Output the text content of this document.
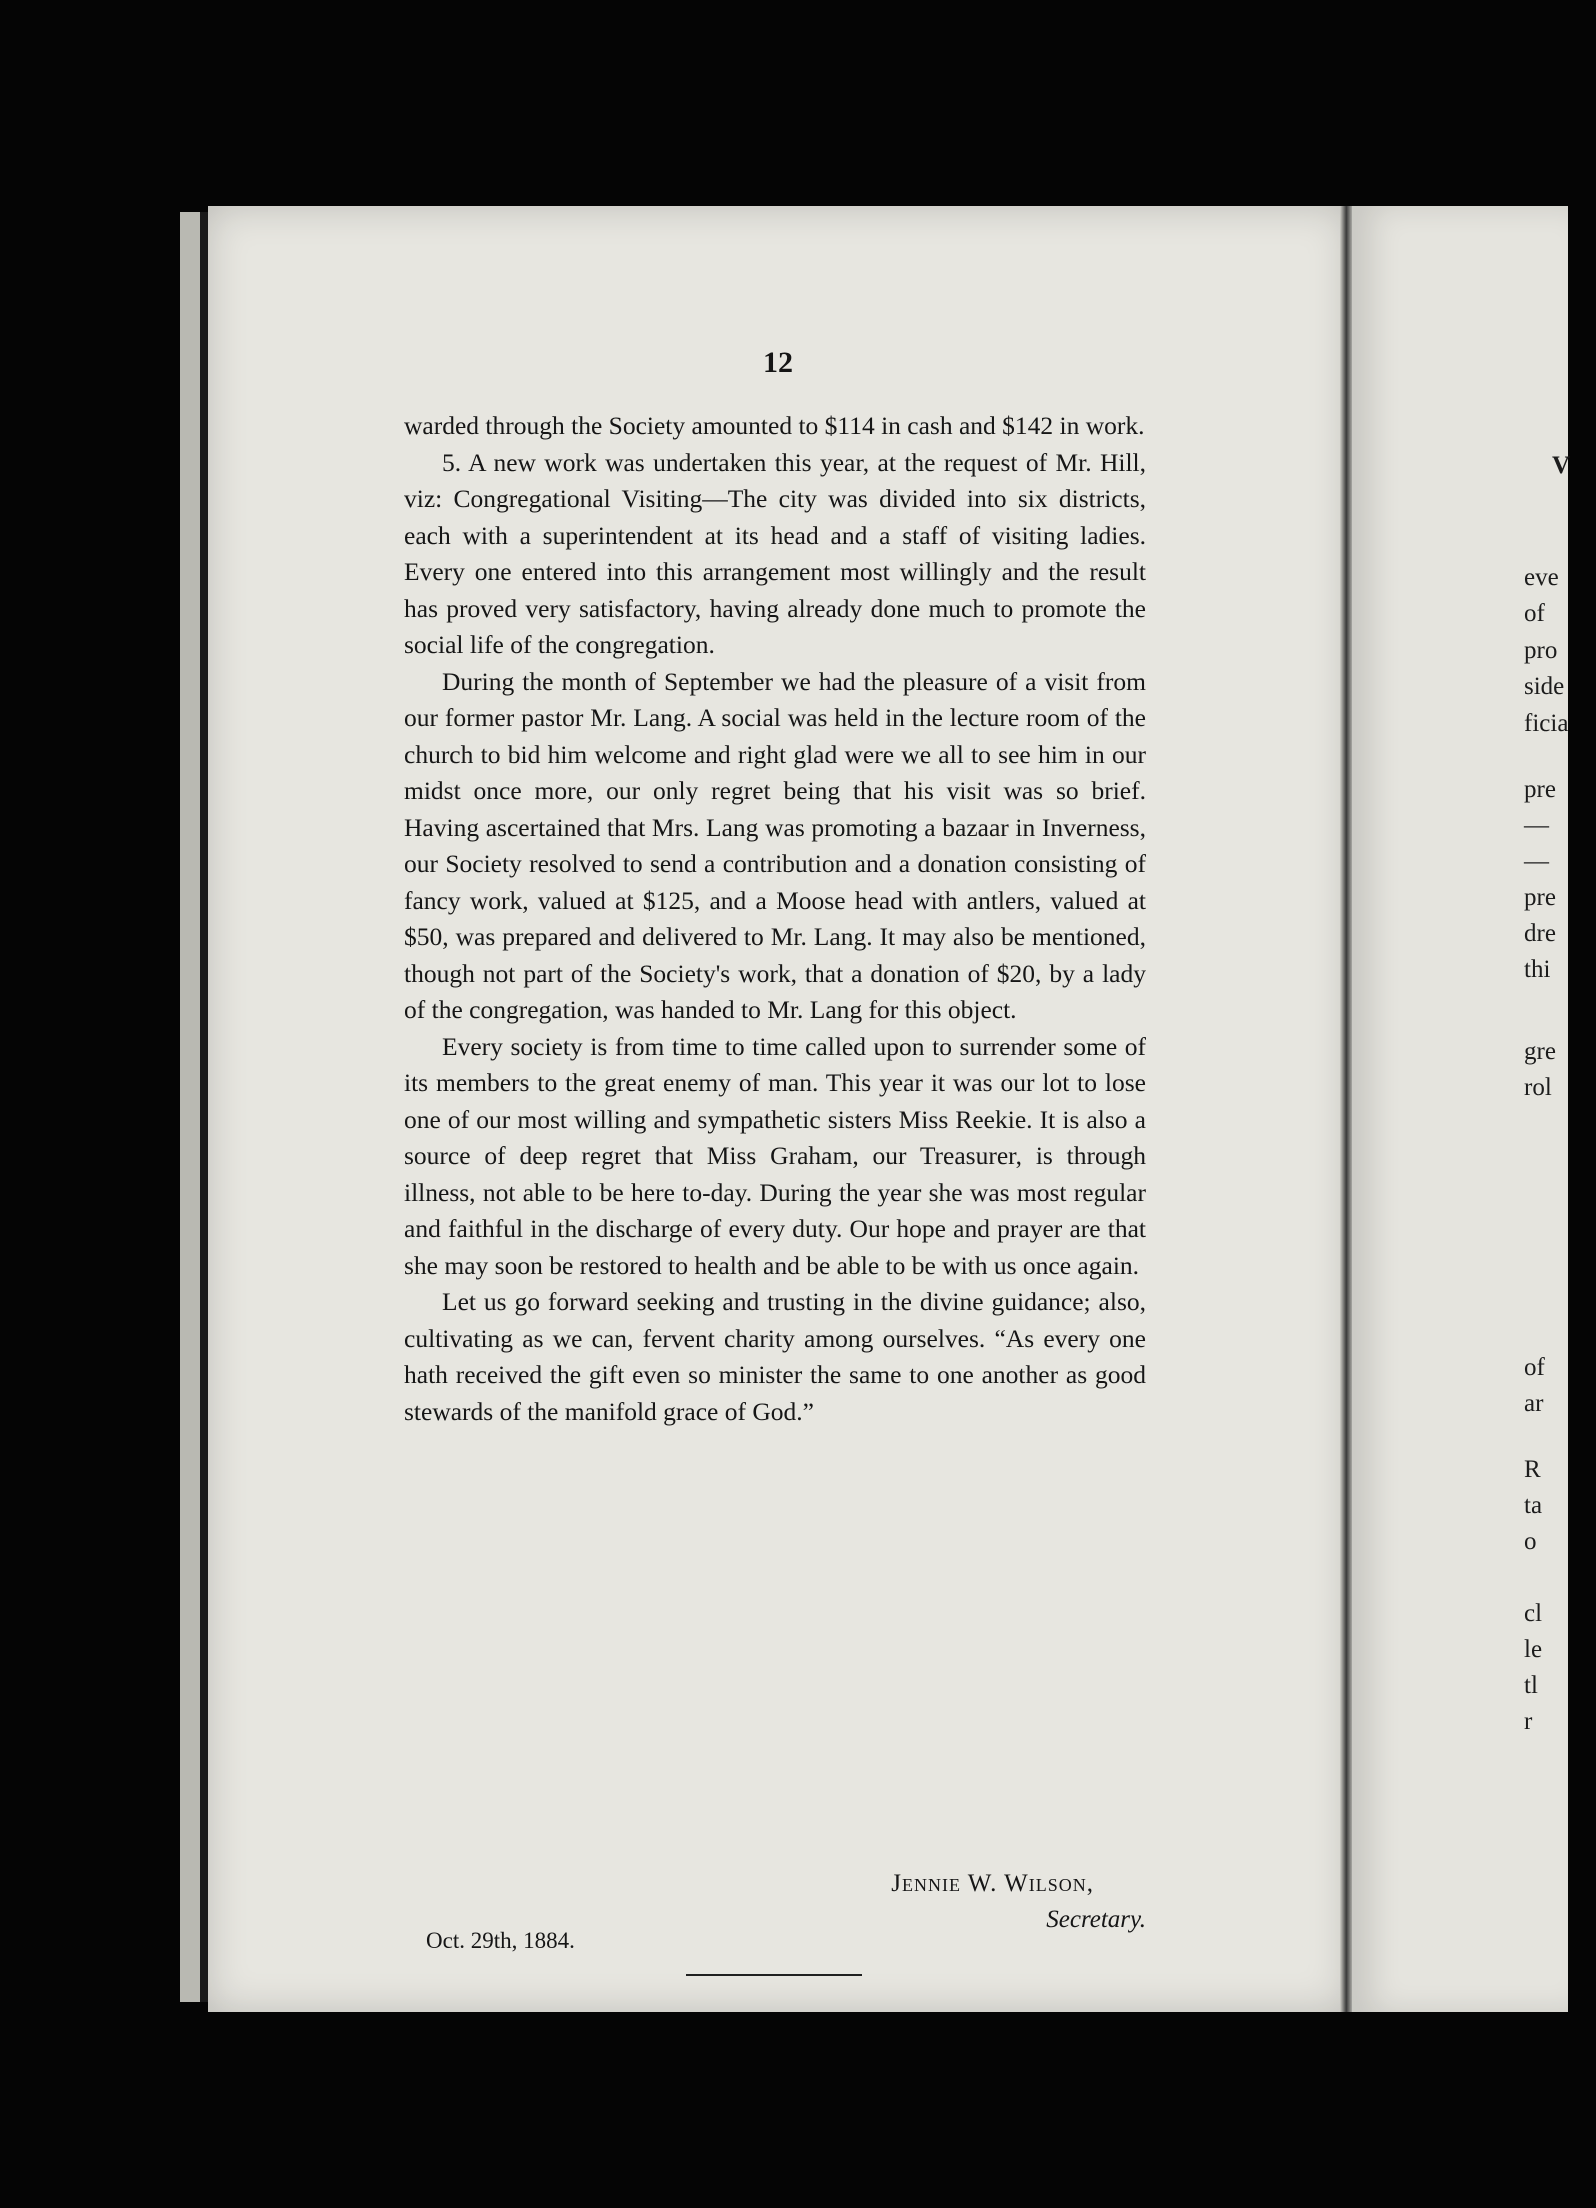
12

warded through the Society amounted to $114 in cash and $142 in work.

5. A new work was undertaken this year, at the request of Mr. Hill, viz: Congregational Visiting—The city was divided into six districts, each with a superintendent at its head and a staff of visiting ladies. Every one entered into this arrangement most willingly and the result has proved very satisfactory, having already done much to promote the social life of the congregation.

During the month of September we had the pleasure of a visit from our former pastor Mr. Lang. A social was held in the lecture room of the church to bid him welcome and right glad were we all to see him in our midst once more, our only regret being that his visit was so brief. Having ascertained that Mrs. Lang was promoting a bazaar in Inverness, our Society resolved to send a contribution and a donation consisting of fancy work, valued at $125, and a Moose head with antlers, valued at $50, was prepared and delivered to Mr. Lang. It may also be mentioned, though not part of the Society's work, that a donation of $20, by a lady of the congregation, was handed to Mr. Lang for this object.

Every society is from time to time called upon to surrender some of its members to the great enemy of man. This year it was our lot to lose one of our most willing and sympathetic sisters Miss Reekie. It is also a source of deep regret that Miss Graham, our Treasurer, is through illness, not able to be here to-day. During the year she was most regular and faithful in the discharge of every duty. Our hope and prayer are that she may soon be restored to health and be able to be with us once again.

Let us go forward seeking and trusting in the divine guidance; also, cultivating as we can, fervent charity among ourselves. “As every one hath received the gift even so minister the same to one another as good stewards of the manifold grace of God.”

Jennie W. Wilson,
Secretary.
Oct. 29th, 1884.
V
eve
of
pro
side
ficia
pre
—
—
pre
dre
thi
gre
rol
of
ar
R
ta
o
cl
le
tl
r
